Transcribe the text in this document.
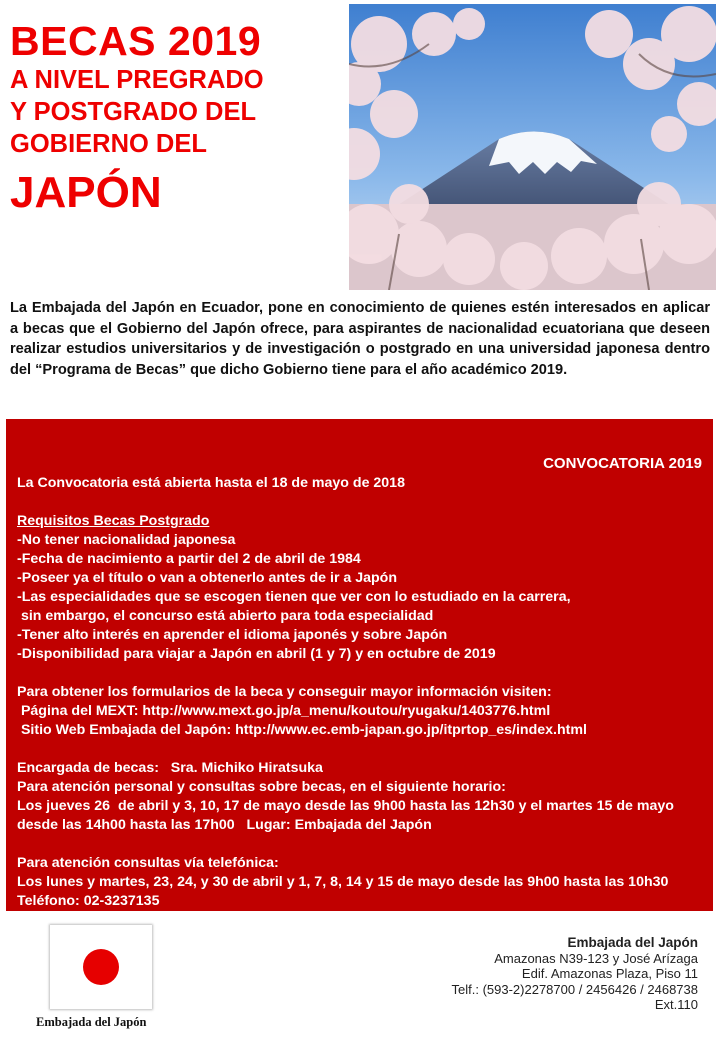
BECAS 2019
A NIVEL PREGRADO
Y POSTGRADO DEL
GOBIERNO DEL
JAPÓN
La Embajada del Japón en Ecuador, pone en conocimiento de quienes estén interesados en aplicar a becas que el Gobierno del Japón ofrece, para aspirantes de nacionalidad ecuatoriana que deseen realizar estudios universitarios y de investigación o postgrado en una universidad japonesa dentro del “Programa de Becas” que dicho Gobierno tiene para el año académico 2019.
CONVOCATORIA 2019

La Convocatoria está abierta hasta el 18 de mayo de 2018

Requisitos Becas Postgrado

-No tener nacionalidad japonesa

-Fecha de nacimiento a partir del 2 de abril de 1984

-Poseer ya el título o van a obtenerlo antes de ir a Japón

-Las especialidades que se escogen tienen que ver con lo estudiado en la carrera,

sin embargo, el concurso está abierto para toda especialidad

-Tener alto interés en aprender el idioma japonés y sobre Japón

-Disponibilidad para viajar a Japón en abril (1 y 7) y en octubre de 2019

Para obtener los formularios de la beca y conseguir mayor información visiten:

Página del MEXT: http://www.mext.go.jp/a_menu/koutou/ryugaku/1403776.html

Sitio Web Embajada del Japón: http://www.ec.emb-japan.go.jp/itprtop_es/index.html

Encargada de becas:   Sra. Michiko Hiratsuka

Para atención personal y consultas sobre becas, en el siguiente horario:

Los jueves 26  de abril y 3, 10, 17 de mayo desde las 9h00 hasta las 12h30 y el martes 15 de mayo desde las 14h00 hasta las 17h00   Lugar: Embajada del Japón

Para atención consultas vía telefónica:

Los lunes y martes, 23, 24, y 30 de abril y 1, 7, 8, 14 y 15 de mayo desde las 9h00 hasta las 10h30  Teléfono: 02-3237135

Embajada del Japón
Embajada del Japón
Amazonas N39-123 y José Arízaga
Edif. Amazonas Plaza, Piso 11
Telf.: (593-2)2278700 / 2456426 / 2468738
Ext.110
